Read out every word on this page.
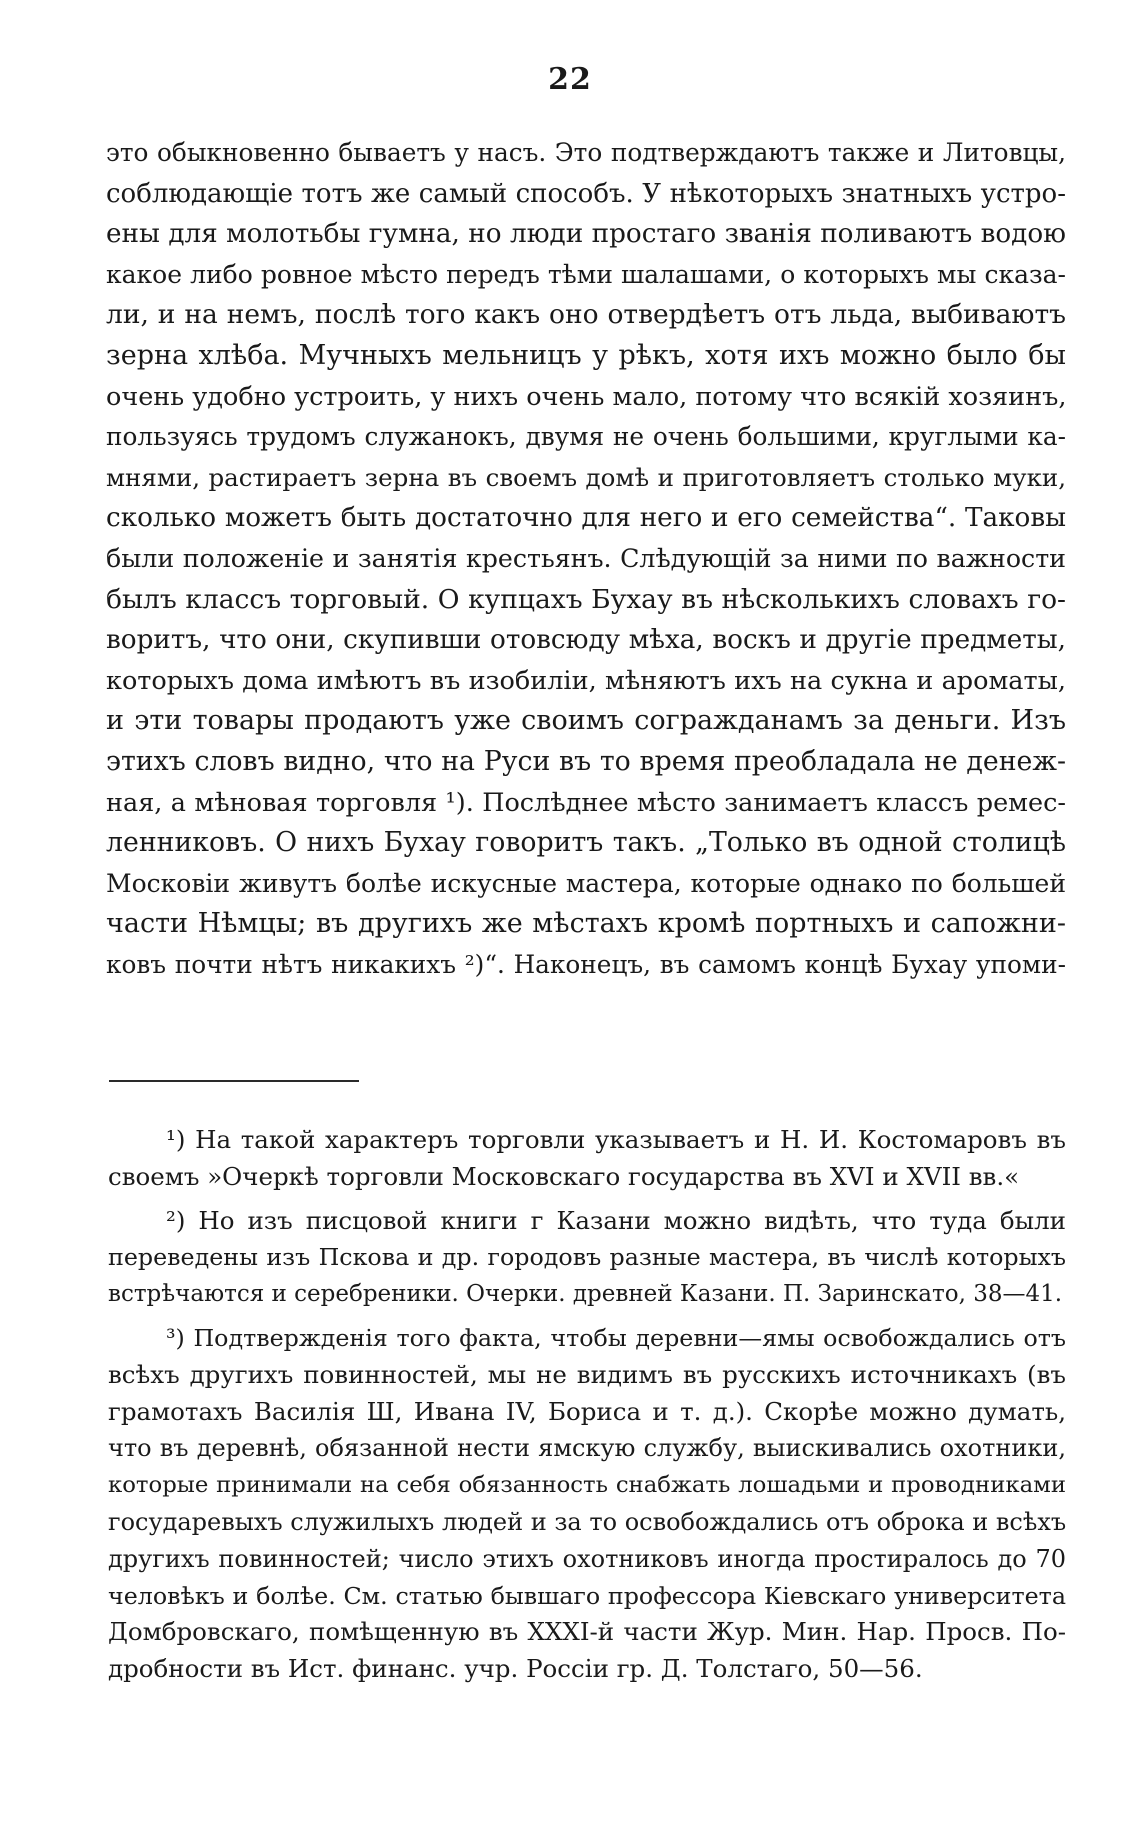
22
это обыкновенно бываетъ у насъ. Это подтверждаютъ также и Литовцы,
соблюдающіе тотъ же самый способъ. У нѣкоторыхъ знатныхъ устро-
ены для молотьбы гумна, но люди простаго званія поливаютъ водою
какое либо ровное мѣсто передъ тѣми шалашами, о которыхъ мы сказа-
ли, и на немъ, послѣ того какъ оно отвердѣетъ отъ льда, выбиваютъ
зерна хлѣба. Мучныхъ мельницъ у рѣкъ, хотя ихъ можно было бы
очень удобно устроить, у нихъ очень мало, потому что всякій хозяинъ,
пользуясь трудомъ служанокъ, двумя не очень большими, круглыми ка-
мнями, растираетъ зерна въ своемъ домѣ и приготовляетъ столько муки,
сколько можетъ быть достаточно для него и его семейства“. Таковы
были положеніе и занятія крестьянъ. Слѣдующій за ними по важности
былъ классъ торговый. О купцахъ Бухау въ нѣсколькихъ словахъ го-
воритъ, что они, скупивши отовсюду мѣха, воскъ и другіе предметы,
которыхъ дома имѣютъ въ изобиліи, мѣняютъ ихъ на сукна и ароматы,
и эти товары продаютъ уже своимъ согражданамъ за деньги. Изъ
этихъ словъ видно, что на Руси въ то время преобладала не денеж-
ная, а мѣновая торговля ¹). Послѣднее мѣсто занимаетъ классъ ремес-
ленниковъ. О нихъ Бухау говоритъ такъ. „Только въ одной столицѣ
Московіи живутъ болѣе искусные мастера, которые однако по большей
части Нѣмцы; въ другихъ же мѣстахъ кромѣ портныхъ и сапожни-
ковъ почти нѣтъ никакихъ ²)“. Наконецъ, въ самомъ концѣ Бухау упоми-
¹) На такой характеръ торговли указываетъ и Н. И. Костомаровъ въ
своемъ »Очеркѣ торговли Московскаго государства въ XVI и XVII вв.«
²) Но изъ писцовой книги г Казани можно видѣть, что туда были
переведены изъ Пскова и др. городовъ разные мастера, въ числѣ которыхъ
встрѣчаются и серебреники. Очерки. древней Казани. П. Заринскато, 38—41.
³) Подтвержденія того факта, чтобы деревни—ямы освобождались отъ
всѣхъ другихъ повинностей, мы не видимъ въ русскихъ источникахъ (въ
грамотахъ Василія Ш, Ивана IV, Бориса и т. д.). Скорѣе можно думать,
что въ деревнѣ, обязанной нести ямскую службу, выискивались охотники,
которые принимали на себя обязанность снабжать лошадьми и проводниками
государевыхъ служилыхъ людей и за то освобождались отъ оброка и всѣхъ
другихъ повинностей; число этихъ охотниковъ иногда простиралось до 70
человѣкъ и болѣе. См. статью бывшаго профессора Кіевскаго университета
Домбровскаго, помѣщенную въ XXXI-й части Жур. Мин. Нар. Просв. По-
дробности въ Ист. финанс. учр. Россіи гр. Д. Толстаго, 50—56.
